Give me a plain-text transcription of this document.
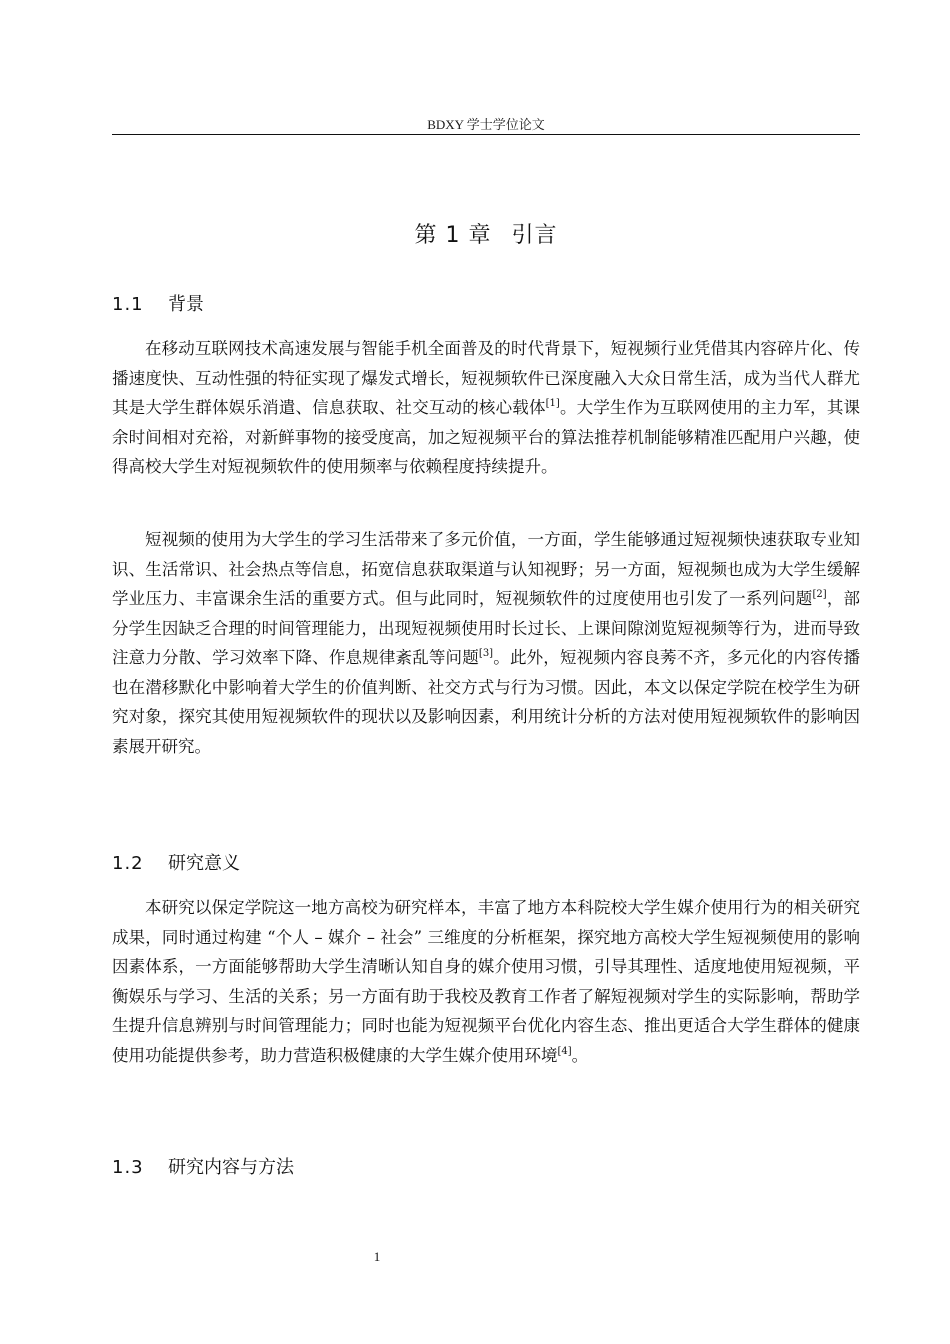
BDXY 学士学位论文
第 1 章 引言
1.1 背景

在移动互联网技术高速发展与智能手机全面普及的时代背景下，短视频行业凭借其内容碎片化、传播速度快、互动性强的特征实现了爆发式增长，短视频软件已深度融入大众日常生活，成为当代人群尤其是大学生群体娱乐消遣、信息获取、社交互动的核心载体[1]。大学生作为互联网使用的主力军，其课余时间相对充裕，对新鲜事物的接受度高，加之短视频平台的算法推荐机制能够精准匹配用户兴趣，使得高校大学生对短视频软件的使用频率与依赖程度持续提升。

短视频的使用为大学生的学习生活带来了多元价值，一方面，学生能够通过短视频快速获取专业知识、生活常识、社会热点等信息，拓宽信息获取渠道与认知视野；另一方面，短视频也成为大学生缓解学业压力、丰富课余生活的重要方式。但与此同时，短视频软件的过度使用也引发了一系列问题[2]，部分学生因缺乏合理的时间管理能力，出现短视频使用时长过长、上课间隙浏览短视频等行为，进而导致注意力分散、学习效率下降、作息规律紊乱等问题[3]。此外，短视频内容良莠不齐，多元化的内容传播也在潜移默化中影响着大学生的价值判断、社交方式与行为习惯。因此，本文以保定学院在校学生为研究对象，探究其使用短视频软件的现状以及影响因素，利用统计分析的方法对使用短视频软件的影响因素展开研究。

1.2 研究意义

本研究以保定学院这一地方高校为研究样本，丰富了地方本科院校大学生媒介使用行为的相关研究成果，同时通过构建 “个人 – 媒介 – 社会” 三维度的分析框架，探究地方高校大学生短视频使用的影响因素体系，一方面能够帮助大学生清晰认知自身的媒介使用习惯，引导其理性、适度地使用短视频，平衡娱乐与学习、生活的关系；另一方面有助于我校及教育工作者了解短视频对学生的实际影响，帮助学生提升信息辨别与时间管理能力；同时也能为短视频平台优化内容生态、推出更适合大学生群体的健康使用功能提供参考，助力营造积极健康的大学生媒介使用环境[4]。

1.3 研究内容与方法
1
